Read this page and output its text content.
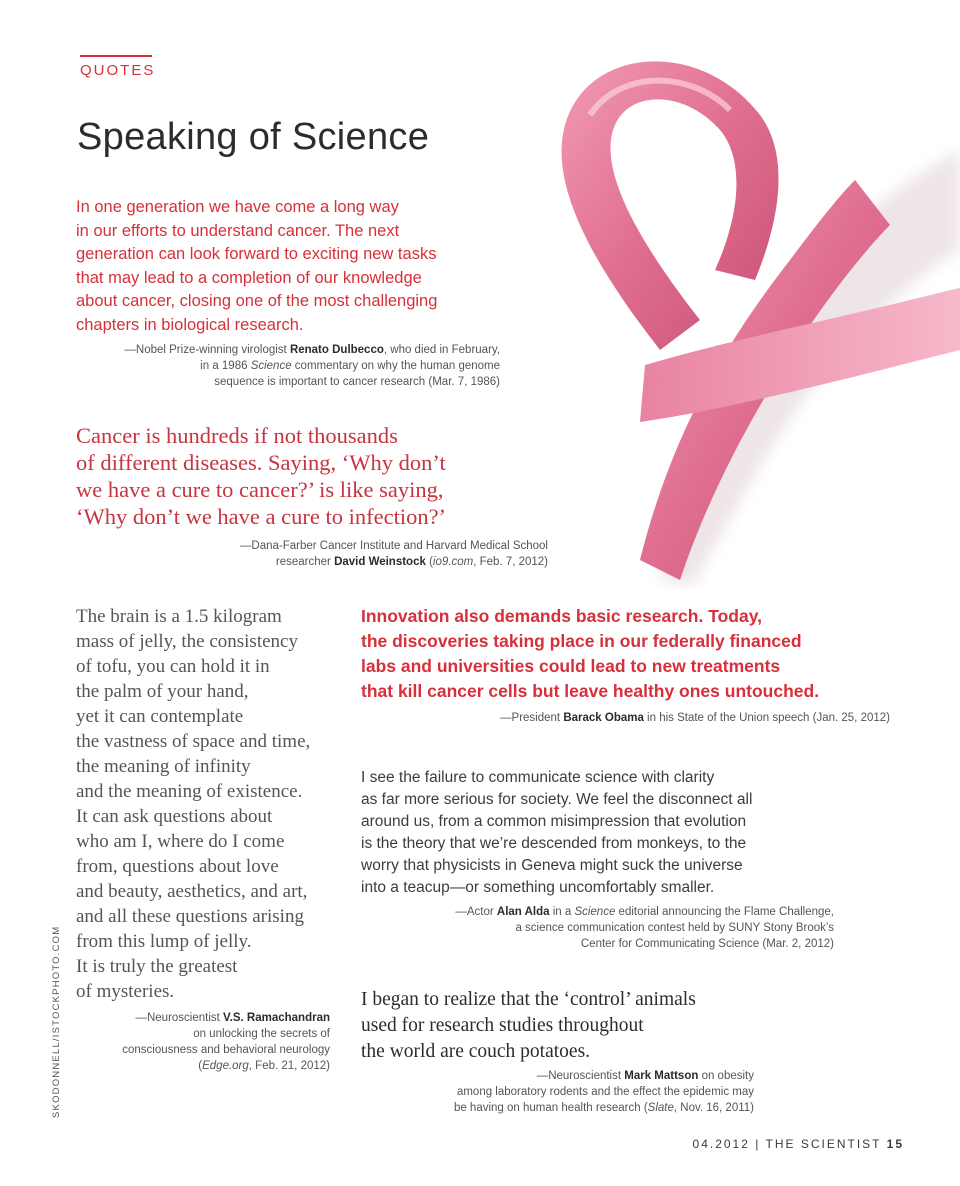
QUOTES
Speaking of Science
In one generation we have come a long way
in our efforts to understand cancer. The next
generation can look forward to exciting new tasks
that may lead to a completion of our knowledge
about cancer, closing one of the most challenging
chapters in biological research.
—Nobel Prize-winning virologist Renato Dulbecco, who died in February,
in a 1986 Science commentary on why the human genome
sequence is important to cancer research (Mar. 7, 1986)
Cancer is hundreds if not thousands
of different diseases. Saying, ‘Why don’t
we have a cure to cancer?’ is like saying,
‘Why don’t we have a cure to infection?’
—Dana-Farber Cancer Institute and Harvard Medical School
researcher David Weinstock (io9.com, Feb. 7, 2012)
The brain is a 1.5 kilogram
mass of jelly, the consistency
of tofu, you can hold it in
the palm of your hand,
yet it can contemplate
the vastness of space and time,
the meaning of infinity
and the meaning of existence.
It can ask questions about
who am I, where do I come
from, questions about love
and beauty, aesthetics, and art,
and all these questions arising
from this lump of jelly.
It is truly the greatest
of mysteries.
—Neuroscientist V.S. Ramachandran
on unlocking the secrets of
consciousness and behavioral neurology
(Edge.org, Feb. 21, 2012)
Innovation also demands basic research. Today,
the discoveries taking place in our federally financed
labs and universities could lead to new treatments
that kill cancer cells but leave healthy ones untouched.
—President Barack Obama in his State of the Union speech (Jan. 25, 2012)
I see the failure to communicate science with clarity
as far more serious for society. We feel the disconnect all
around us, from a common misimpression that evolution
is the theory that we’re descended from monkeys, to the
worry that physicists in Geneva might suck the universe
into a teacup—or something uncomfortably smaller.
—Actor Alan Alda in a Science editorial announcing the Flame Challenge,
a science communication contest held by SUNY Stony Brook’s
Center for Communicating Science (Mar. 2, 2012)
I began to realize that the ‘control’ animals
used for research studies throughout
the world are couch potatoes.
—Neuroscientist Mark Mattson on obesity
among laboratory rodents and the effect the epidemic may
be having on human health research (Slate, Nov. 16, 2011)
SKODONNELL/ISTOCKPHOTO.COM
04.2012 | THE SCIENTIST 15
